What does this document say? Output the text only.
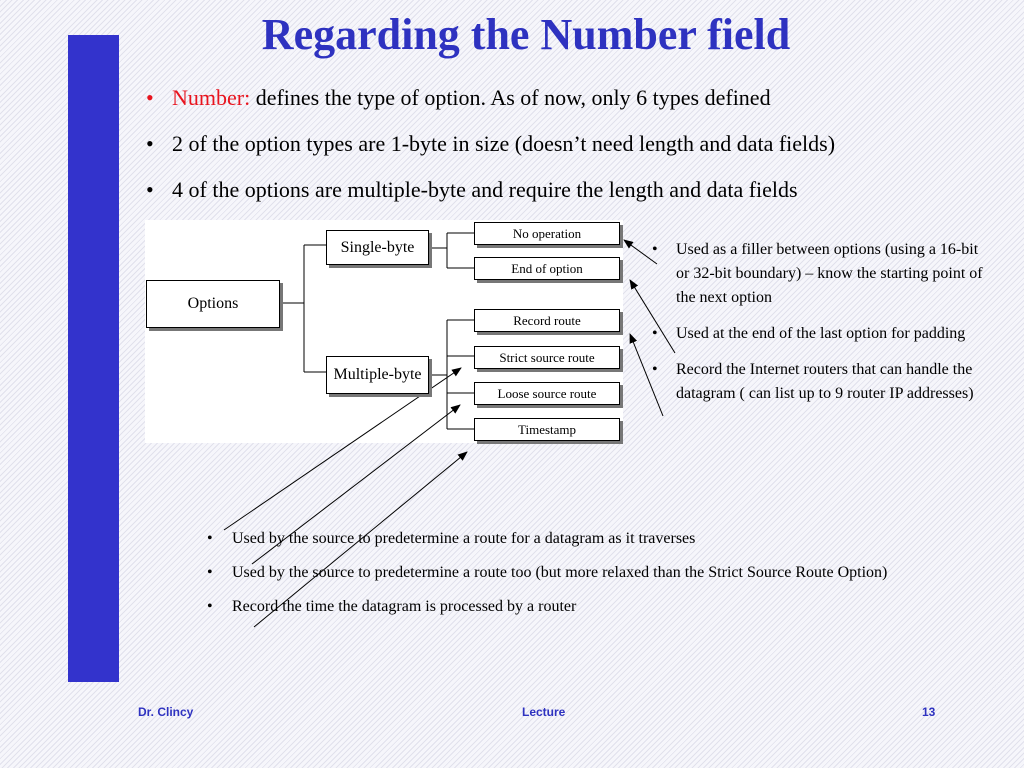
Regarding the Number field
• Number: defines the type of option. As of now, only 6 types defined
• 2 of the option types are 1-byte in size (doesn’t need length and data fields)
• 4 of the options are multiple-byte and require the length and data fields
Options
Single-byte
Multiple-byte
No operation
End of option
Record route
Strict source route
Loose source route
Timestamp
• Used as a filler between options (using a 16-bit or 32-bit boundary) – know the starting point of the next option
• Used at the end of the last option for padding
• Record the Internet routers that can handle the datagram ( can list up to 9 router IP addresses)
• Used by the source to predetermine a route for a datagram as it traverses
• Used by the source to predetermine a route too (but more relaxed than the Strict Source Route Option)
• Record the time the datagram is processed by a router
Dr. Clincy	Lecture	13
